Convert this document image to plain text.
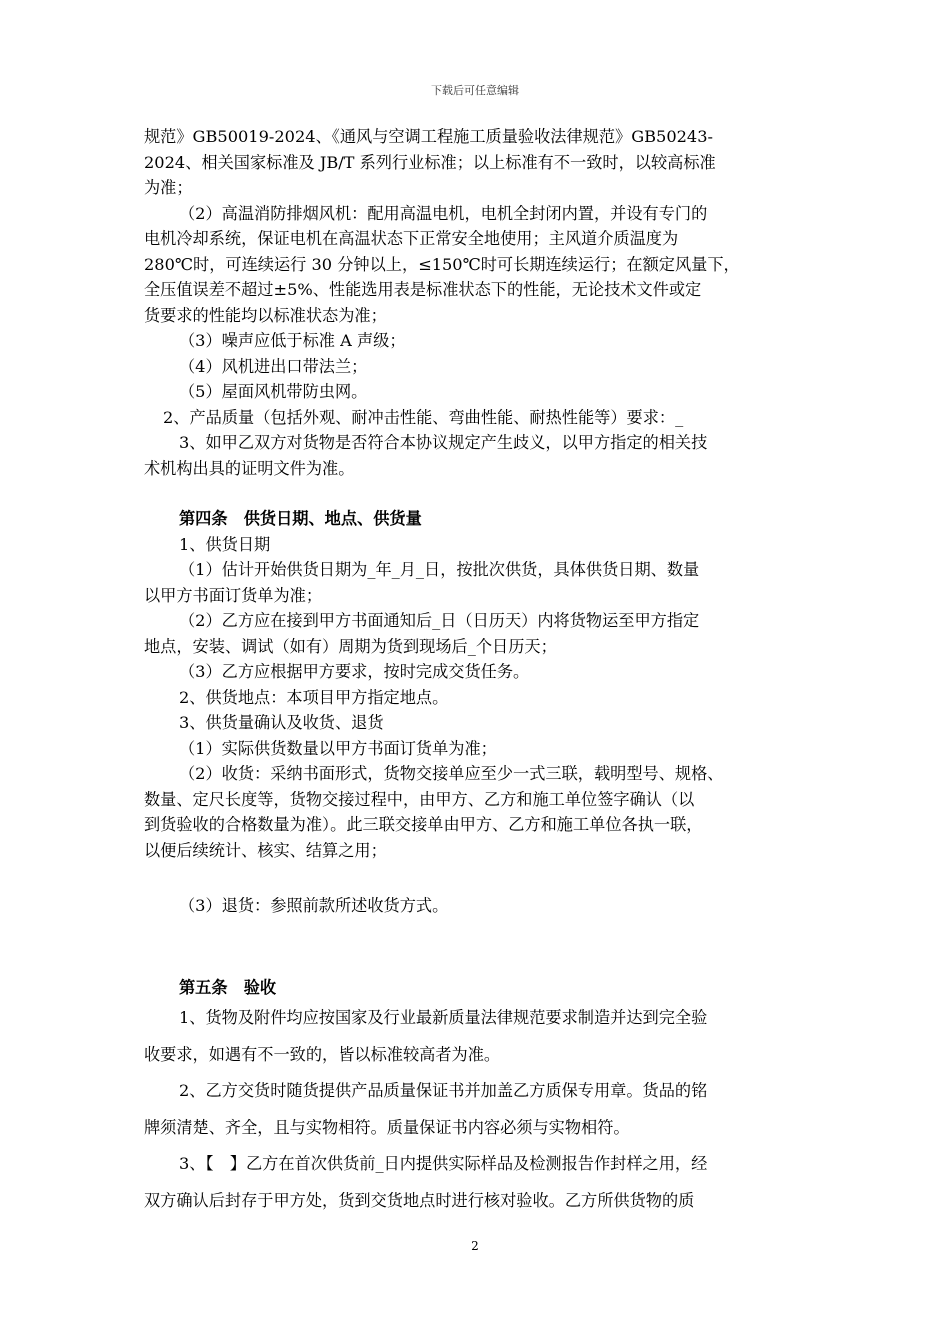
下载后可任意编辑
规范》GB50019-2024、《通风与空调工程施工质量验收法律规范》GB50243-
2024、相关国家标准及 JB/T 系列行业标准；以上标准有不一致时，以较高标准
为准；
（2）高温消防排烟风机：配用高温电机，电机全封闭内置，并设有专门的
电机冷却系统，保证电机在高温状态下正常安全地使用；主风道介质温度为
280℃时，可连续运行 30 分钟以上，≤150℃时可长期连续运行；在额定风量下，
全压值误差不超过±5%、性能选用表是标准状态下的性能，无论技术文件或定
货要求的性能均以标准状态为准；
（3）噪声应低于标准 A 声级；
（4）风机进出口带法兰；
（5）屋面风机带防虫网。
2、产品质量（包括外观、耐冲击性能、弯曲性能、耐热性能等）要求：_
3、如甲乙双方对货物是否符合本协议规定产生歧义，以甲方指定的相关技
术机构出具的证明文件为准。
第四条　供货日期、地点、供货量
1、供货日期
（1）估计开始供货日期为_年_月_日，按批次供货，具体供货日期、数量
以甲方书面订货单为准；
（2）乙方应在接到甲方书面通知后_日（日历天）内将货物运至甲方指定
地点，安装、调试（如有）周期为货到现场后_个日历天；
（3）乙方应根据甲方要求，按时完成交货任务。
2、供货地点：本项目甲方指定地点。
3、供货量确认及收货、退货
（1）实际供货数量以甲方书面订货单为准；
（2）收货：采纳书面形式，货物交接单应至少一式三联，载明型号、规格、
数量、定尺长度等，货物交接过程中，由甲方、乙方和施工单位签字确认（以
到货验收的合格数量为准）。此三联交接单由甲方、乙方和施工单位各执一联，
以便后续统计、核实、结算之用；
（3）退货：参照前款所述收货方式。
第五条　验收
1、货物及附件均应按国家及行业最新质量法律规范要求制造并达到完全验
收要求，如遇有不一致的，皆以标准较高者为准。
2、乙方交货时随货提供产品质量保证书并加盖乙方质保专用章。货品的铭
牌须清楚、齐全，且与实物相符。质量保证书内容必须与实物相符。
3、【　】乙方在首次供货前_日内提供实际样品及检测报告作封样之用，经
双方确认后封存于甲方处，货到交货地点时进行核对验收。乙方所供货物的质
2
